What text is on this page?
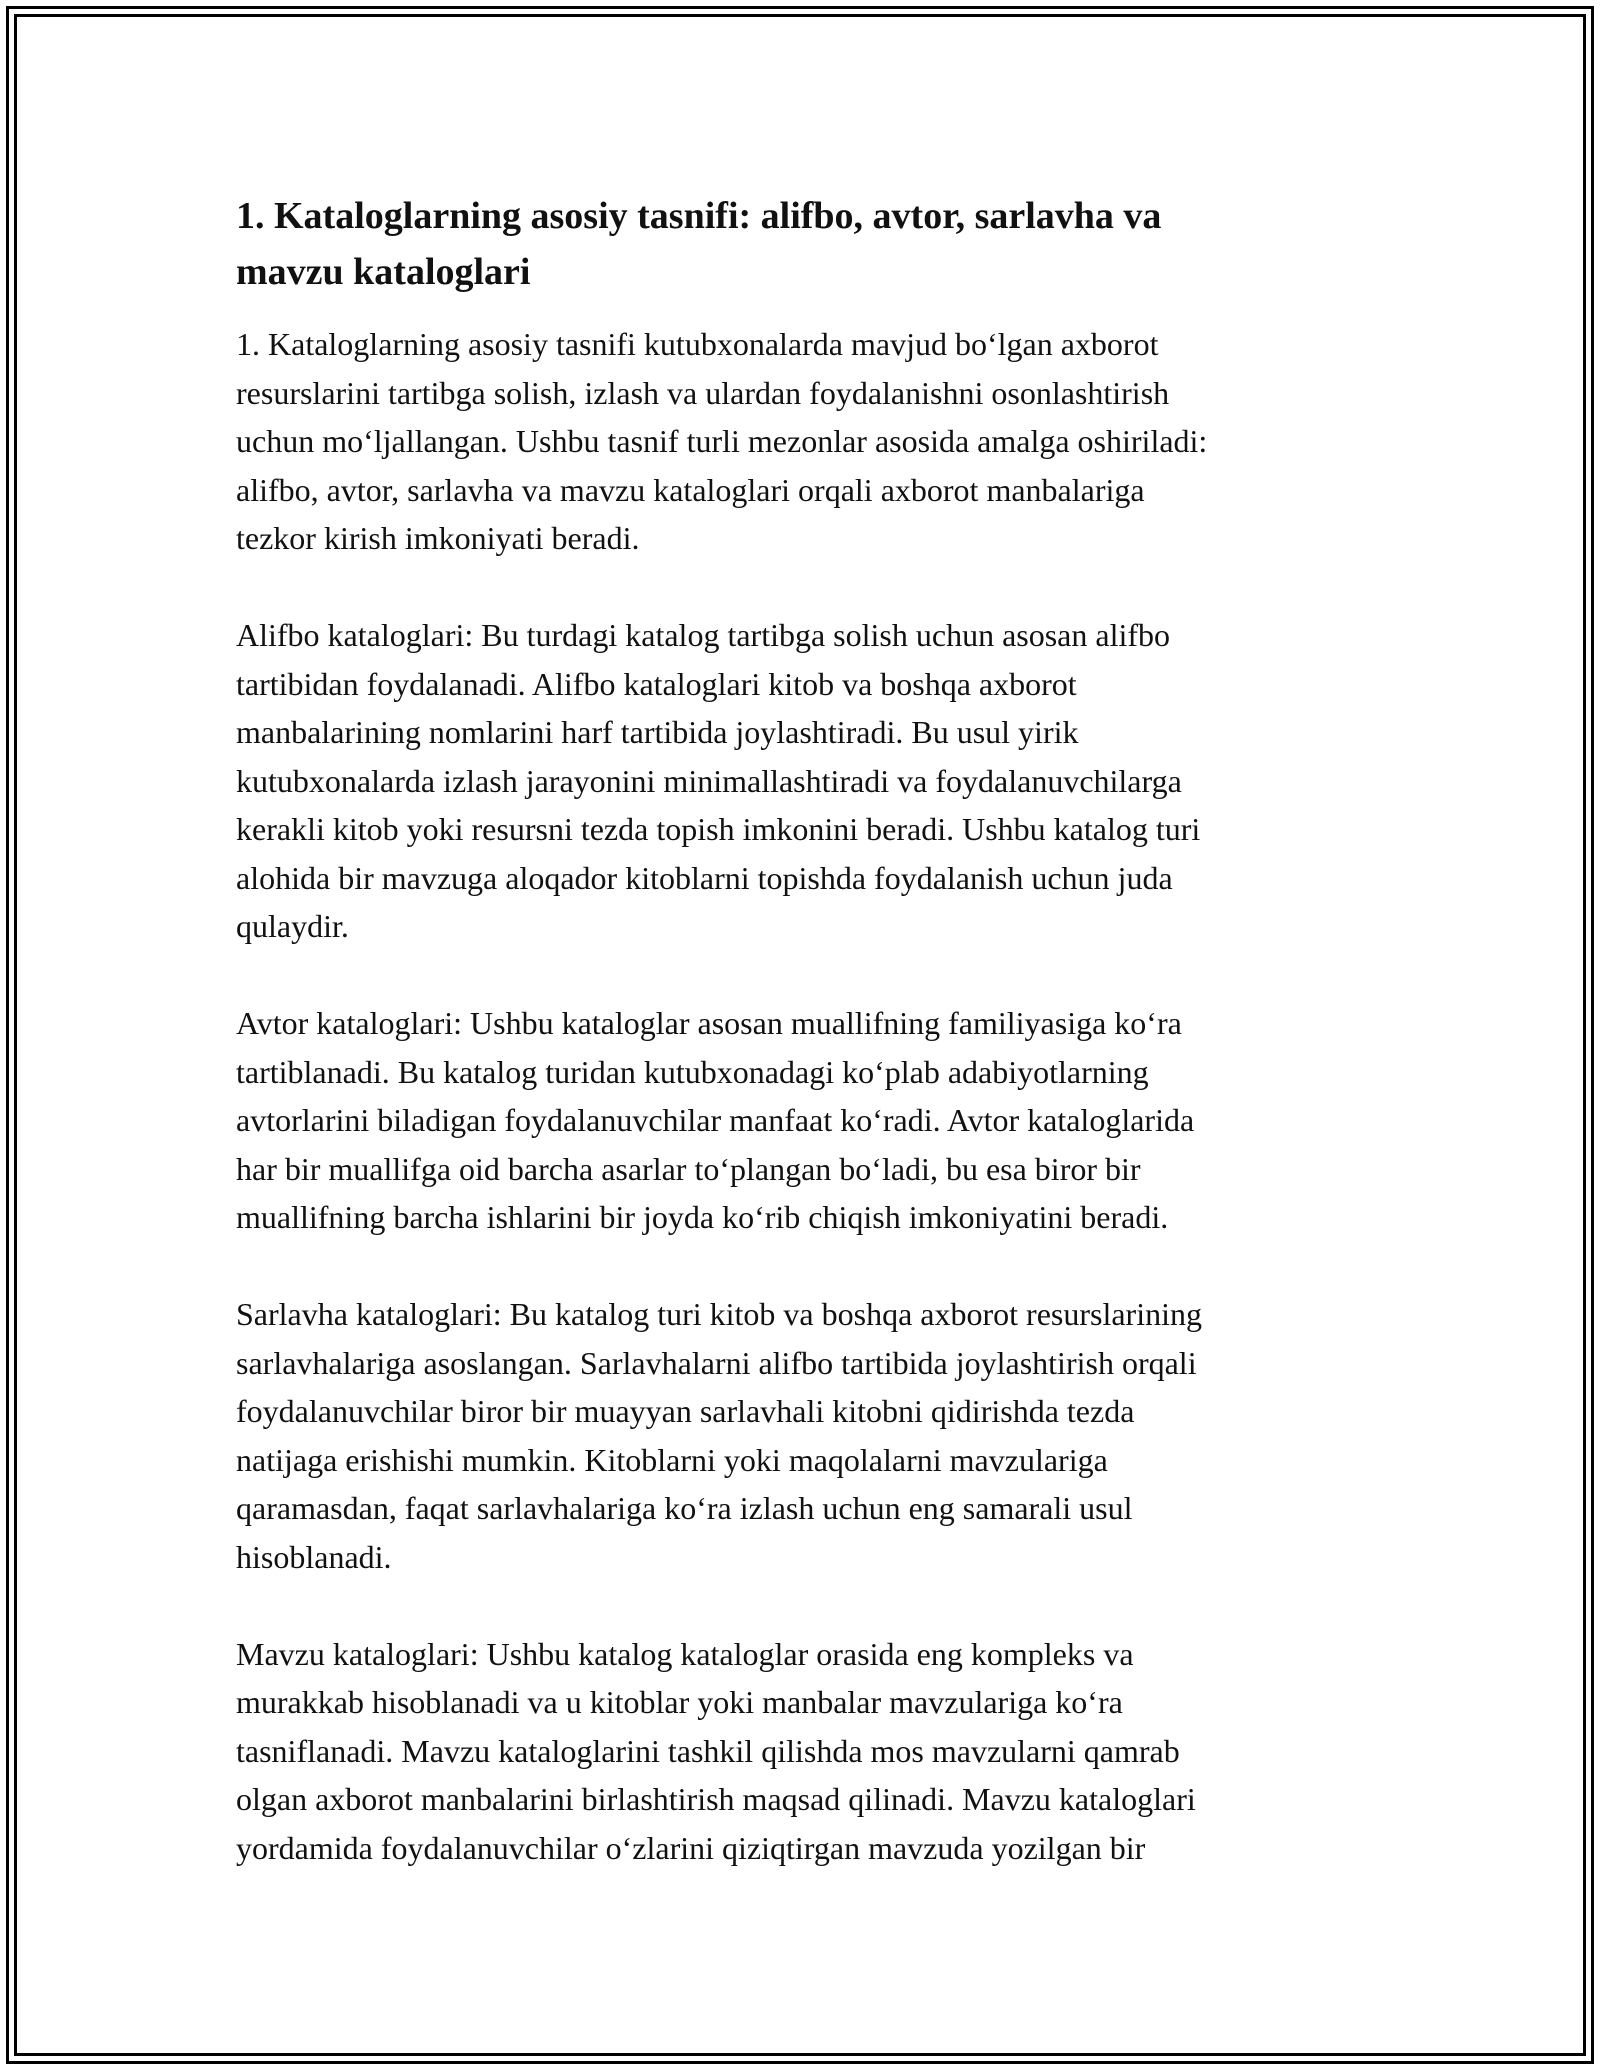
1. Kataloglarning asosiy tasnifi: alifbo, avtor, sarlavha va
mavzu kataloglari

1. Kataloglarning asosiy tasnifi kutubxonalarda mavjud bo‘lgan axborot
resurslarini tartibga solish, izlash va ulardan foydalanishni osonlashtirish
uchun mo‘ljallangan. Ushbu tasnif turli mezonlar asosida amalga oshiriladi:
alifbo, avtor, sarlavha va mavzu kataloglari orqali axborot manbalariga
tezkor kirish imkoniyati beradi.

Alifbo kataloglari: Bu turdagi katalog tartibga solish uchun asosan alifbo
tartibidan foydalanadi. Alifbo kataloglari kitob va boshqa axborot
manbalarining nomlarini harf tartibida joylashtiradi. Bu usul yirik
kutubxonalarda izlash jarayonini minimallashtiradi va foydalanuvchilarga
kerakli kitob yoki resursni tezda topish imkonini beradi. Ushbu katalog turi
alohida bir mavzuga aloqador kitoblarni topishda foydalanish uchun juda
qulaydir.

Avtor kataloglari: Ushbu kataloglar asosan muallifning familiyasiga ko‘ra
tartiblanadi. Bu katalog turidan kutubxonadagi ko‘plab adabiyotlarning
avtorlarini biladigan foydalanuvchilar manfaat ko‘radi. Avtor kataloglarida
har bir muallifga oid barcha asarlar to‘plangan bo‘ladi, bu esa biror bir
muallifning barcha ishlarini bir joyda ko‘rib chiqish imkoniyatini beradi.

Sarlavha kataloglari: Bu katalog turi kitob va boshqa axborot resurslarining
sarlavhalariga asoslangan. Sarlavhalarni alifbo tartibida joylashtirish orqali
foydalanuvchilar biror bir muayyan sarlavhali kitobni qidirishda tezda
natijaga erishishi mumkin. Kitoblarni yoki maqolalarni mavzulariga
qaramasdan, faqat sarlavhalariga ko‘ra izlash uchun eng samarali usul
hisoblanadi.

Mavzu kataloglari: Ushbu katalog kataloglar orasida eng kompleks va
murakkab hisoblanadi va u kitoblar yoki manbalar mavzulariga ko‘ra
tasniflanadi. Mavzu kataloglarini tashkil qilishda mos mavzularni qamrab
olgan axborot manbalarini birlashtirish maqsad qilinadi. Mavzu kataloglari
yordamida foydalanuvchilar o‘zlarini qiziqtirgan mavzuda yozilgan bir
